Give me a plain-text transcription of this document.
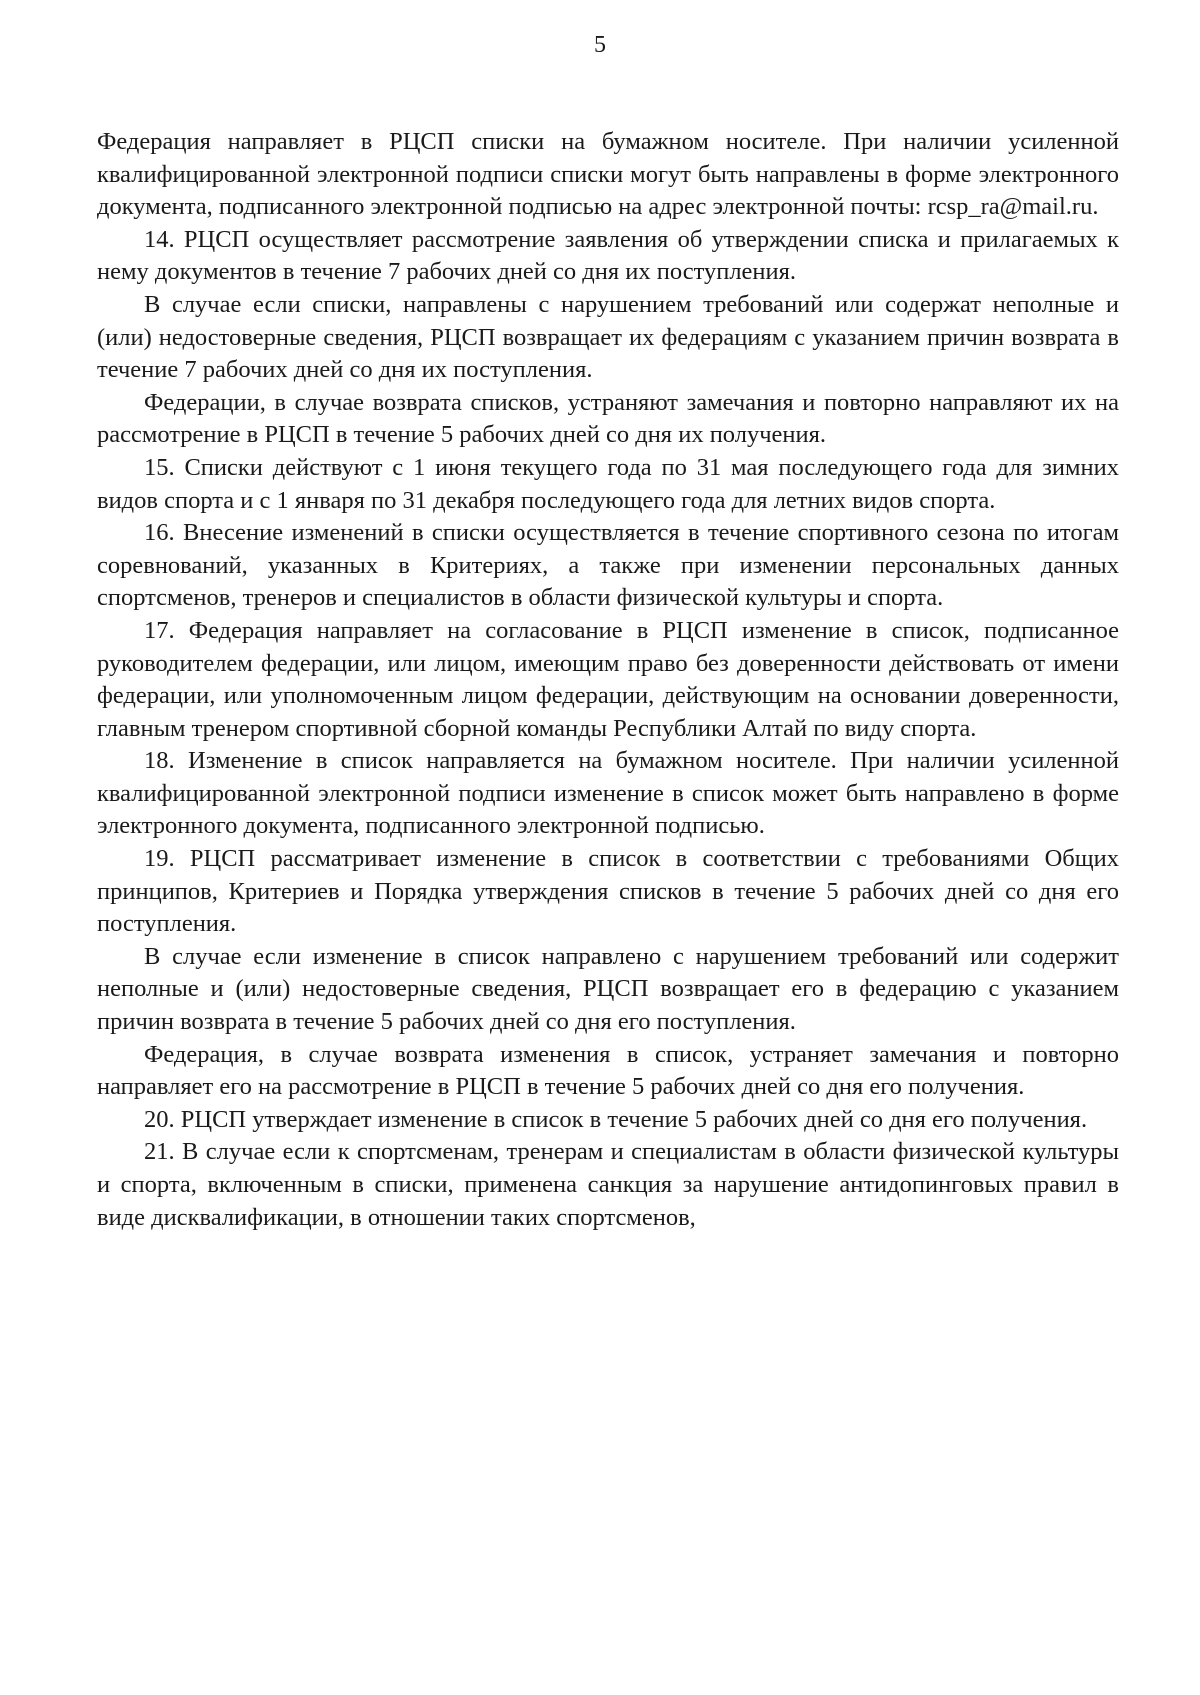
5

Федерация направляет в РЦСП списки на бумажном носителе. При наличии усиленной квалифицированной электронной подписи списки могут быть направлены в форме электронного документа, подписанного электронной подписью на адрес электронной почты: rcsp_ra@mail.ru.

14. РЦСП осуществляет рассмотрение заявления об утверждении списка и прилагаемых к нему документов в течение 7 рабочих дней со дня их поступления.

В случае если списки, направлены с нарушением требований или содержат неполные и (или) недостоверные сведения, РЦСП возвращает их федерациям с указанием причин возврата в течение 7 рабочих дней со дня их поступления.

Федерации, в случае возврата списков, устраняют замечания и повторно направляют их на рассмотрение в РЦСП в течение 5 рабочих дней со дня их получения.

15. Списки действуют с 1 июня текущего года по 31 мая последующего года для зимних видов спорта и с 1 января по 31 декабря последующего года для летних видов спорта.

16. Внесение изменений в списки осуществляется в течение спортивного сезона по итогам соревнований, указанных в Критериях, а также при изменении персональных данных спортсменов, тренеров и специалистов в области физической культуры и спорта.

17. Федерация направляет на согласование в РЦСП изменение в список, подписанное руководителем федерации, или лицом, имеющим право без доверенности действовать от имени федерации, или уполномоченным лицом федерации, действующим на основании доверенности, главным тренером спортивной сборной команды Республики Алтай по виду спорта.

18. Изменение в список направляется на бумажном носителе. При наличии усиленной квалифицированной электронной подписи изменение в список может быть направлено в форме электронного документа, подписанного электронной подписью.

19. РЦСП рассматривает изменение в список в соответствии с требованиями Общих принципов, Критериев и Порядка утверждения списков в течение 5 рабочих дней со дня его поступления.

В случае если изменение в список направлено с нарушением требований или содержит неполные и (или) недостоверные сведения, РЦСП возвращает его в федерацию с указанием причин возврата в течение 5 рабочих дней со дня его поступления.

Федерация, в случае возврата изменения в список, устраняет замечания и повторно направляет его на рассмотрение в РЦСП в течение 5 рабочих дней со дня его получения.

20. РЦСП утверждает изменение в список в течение 5 рабочих дней со дня его получения.

21. В случае если к спортсменам, тренерам и специалистам в области физической культуры и спорта, включенным в списки, применена санкция за нарушение антидопинговых правил в виде дисквалификации, в отношении таких спортсменов,
